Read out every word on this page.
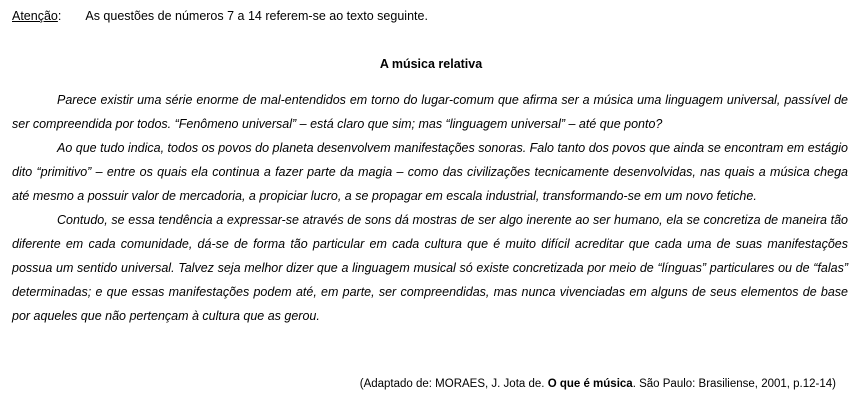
Atenção: As questões de números 7 a 14 referem-se ao texto seguinte.
A música relativa

Parece existir uma série enorme de mal-entendidos em torno do lugar-comum que afirma ser a música uma linguagem universal, passível de ser compreendida por todos. “Fenômeno universal” – está claro que sim; mas “linguagem universal” – até que ponto?

Ao que tudo indica, todos os povos do planeta desenvolvem manifestações sonoras. Falo tanto dos povos que ainda se encontram em estágio dito “primitivo” – entre os quais ela continua a fazer parte da magia – como das civilizações tecnicamente desenvolvidas, nas quais a música chega até mesmo a possuir valor de mercadoria, a propiciar lucro, a se propagar em escala industrial, transformando-se em um novo fetiche.

Contudo, se essa tendência a expressar-se através de sons dá mostras de ser algo inerente ao ser humano, ela se concretiza de maneira tão diferente em cada comunidade, dá-se de forma tão particular em cada cultura que é muito difícil acreditar que cada uma de suas manifestações possua um sentido universal. Talvez seja melhor dizer que a linguagem musical só existe concretizada por meio de “línguas” particulares ou de “falas” determinadas; e que essas manifestações podem até, em parte, ser compreendidas, mas nunca vivenciadas em alguns de seus elementos de base por aqueles que não pertençam à cultura que as gerou.

(Adaptado de: MORAES, J. Jota de. O que é música. São Paulo: Brasiliense, 2001, p.12-14)
